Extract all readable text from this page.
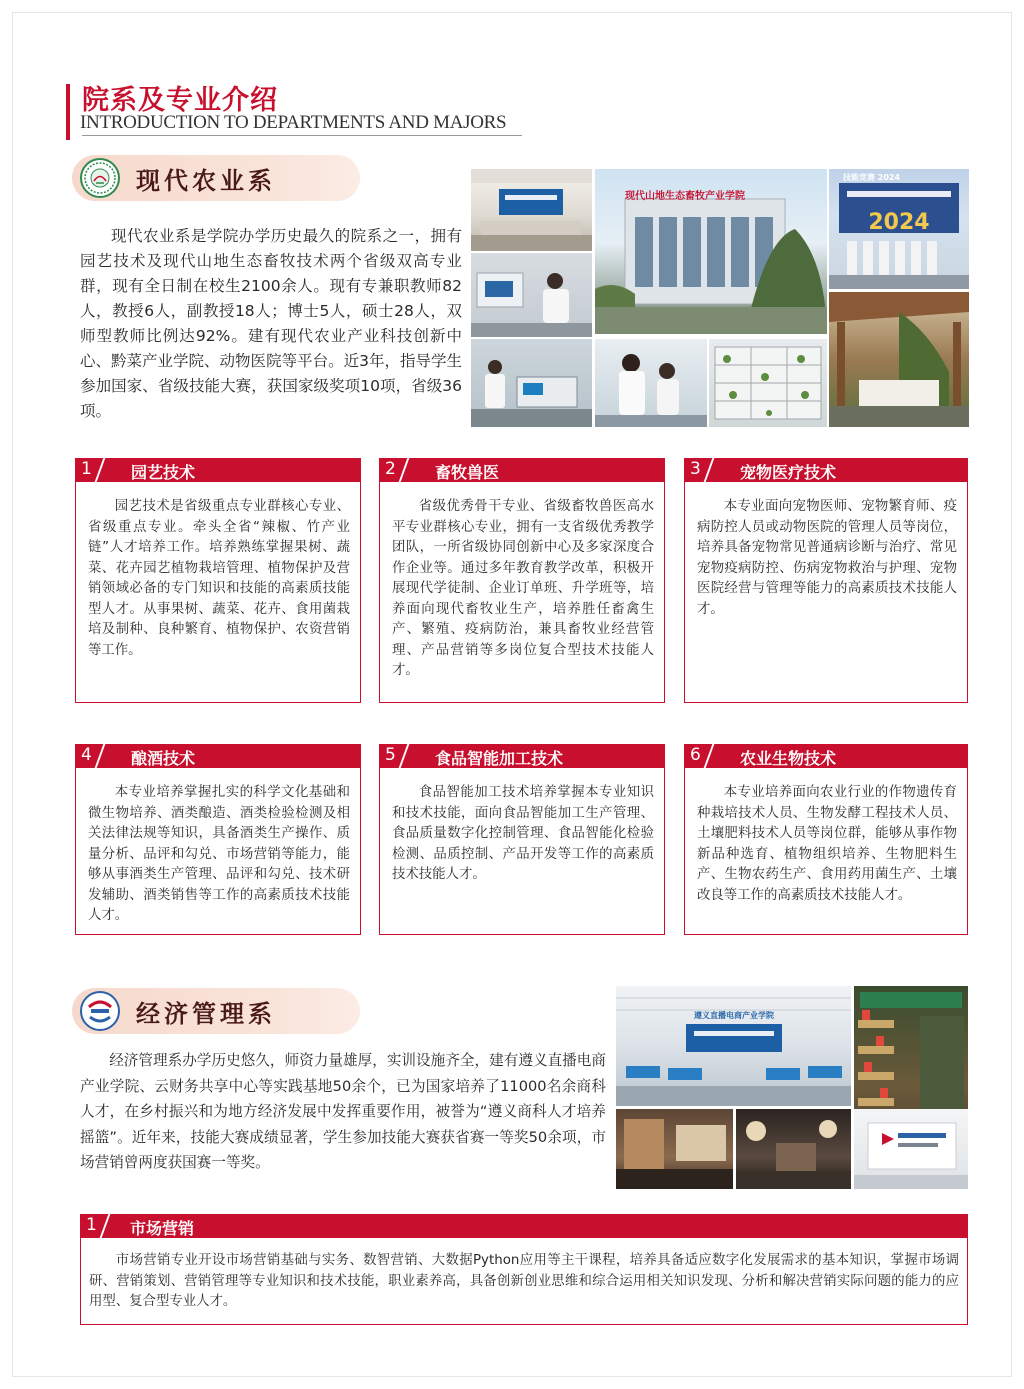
院系及专业介绍
INTRODUCTION TO DEPARTMENTS AND MAJORS
现代农业系
现代农业系是学院办学历史最久的院系之一，拥有园艺技术及现代山地生态畜牧技术两个省级双高专业群，现有全日制在校生2100余人。现有专兼职教师82人，教授6人，副教授18人；博士5人，硕士28人，双师型教师比例达92%。建有现代农业产业科技创新中心、黔菜产业学院、动物医院等平台。近3年，指导学生参加国家、省级技能大赛，获国家级奖项10项，省级36项。
现代山地生态畜牧产业学院
2024
技能竞赛 2024
1 园艺技术
园艺技术是省级重点专业群核心专业、省级重点专业。牵头全省“辣椒、竹产业链”人才培养工作。培养熟练掌握果树、蔬菜、花卉园艺植物栽培管理、植物保护及营销领域必备的专门知识和技能的高素质技能型人才。从事果树、蔬菜、花卉、食用菌栽培及制种、良种繁育、植物保护、农资营销等工作。
2 畜牧兽医
省级优秀骨干专业、省级畜牧兽医高水平专业群核心专业，拥有一支省级优秀教学团队，一所省级协同创新中心及多家深度合作企业等。通过多年教育教学改革，积极开展现代学徒制、企业订单班、升学班等，培养面向现代畜牧业生产，培养胜任畜禽生产、繁殖、疫病防治，兼具畜牧业经营管理、产品营销等多岗位复合型技术技能人才。
3 宠物医疗技术
本专业面向宠物医师、宠物繁育师、疫病防控人员或动物医院的管理人员等岗位，培养具备宠物常见普通病诊断与治疗、常见宠物疫病防控、伤病宠物救治与护理、宠物医院经营与管理等能力的高素质技术技能人才。
4 酿酒技术
本专业培养掌握扎实的科学文化基础和微生物培养、酒类酿造、酒类检验检测及相关法律法规等知识，具备酒类生产操作、质量分析、品评和勾兑、市场营销等能力，能够从事酒类生产管理、品评和勾兑、技术研发辅助、酒类销售等工作的高素质技术技能人才。
5 食品智能加工技术
食品智能加工技术培养掌握本专业知识和技术技能，面向食品智能加工生产管理、食品质量数字化控制管理、食品智能化检验检测、品质控制、产品开发等工作的高素质技术技能人才。
6 农业生物技术
本专业培养面向农业行业的作物遗传育种栽培技术人员、生物发酵工程技术人员、土壤肥料技术人员等岗位群，能够从事作物新品种选育、植物组织培养、生物肥料生产、生物农药生产、食用药用菌生产、土壤改良等工作的高素质技术技能人才。
经济管理系
经济管理系办学历史悠久，师资力量雄厚，实训设施齐全，建有遵义直播电商产业学院、云财务共享中心等实践基地50余个，已为国家培养了11000名余商科人才，在乡村振兴和为地方经济发展中发挥重要作用，被誉为“遵义商科人才培养摇篮”。近年来，技能大赛成绩显著，学生参加技能大赛获省赛一等奖50余项，市场营销曾两度获国赛一等奖。
遵义直播电商产业学院
1 市场营销
市场营销专业开设市场营销基础与实务、数智营销、大数据Python应用等主干课程，培养具备适应数字化发展需求的基本知识，掌握市场调研、营销策划、营销管理等专业知识和技术技能，职业素养高，具备创新创业思维和综合运用相关知识发现、分析和解决营销实际问题的能力的应用型、复合型专业人才。
